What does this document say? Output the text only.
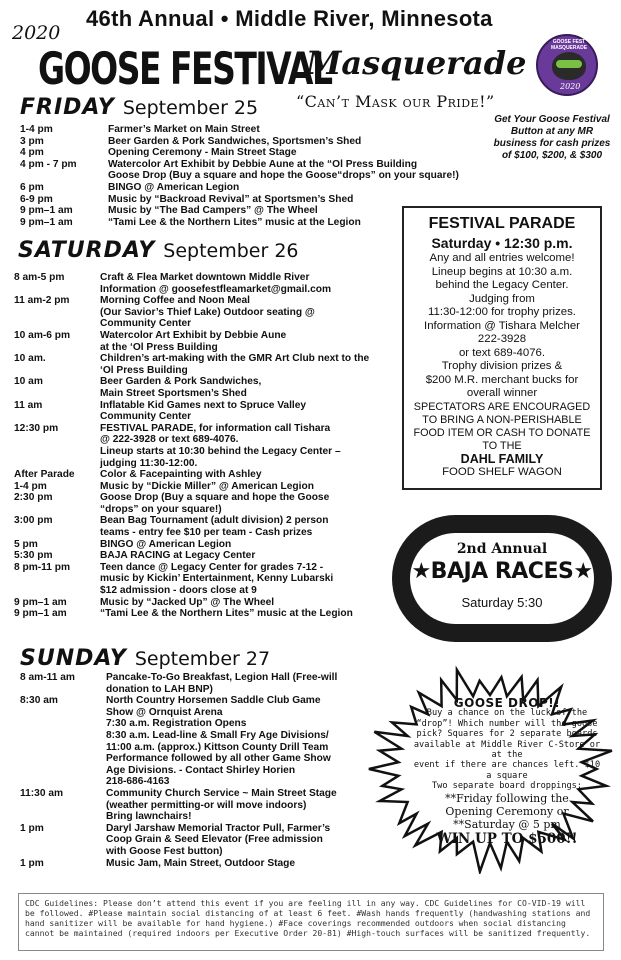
2020
46th Annual • Middle River, Minnesota
GOOSE FESTIVAL
Masquerade
GOOSE FEST MASQUERADE
2020
“Can’t Mask our Pride!”
Get Your Goose Festival Button at any MR business for cash prizes of $100, $200, & $300
FRIDAY September 25
1-4 pm	Farmer’s Market on Main Street
3 pm	Beer Garden & Pork Sandwiches, Sportsmen’s Shed
4 pm	Opening Ceremony - Main Street Stage
4 pm - 7 pm	Watercolor Art Exhibit by Debbie Aune at the “Ol Press Building
Goose Drop (Buy a square and hope the Goose“drops” on your square!)
6 pm	BINGO @ American Legion
6-9 pm	Music by “Backroad Revival” at Sportsmen’s Shed
9 pm–1 am	Music by “The Bad Campers” @ The Wheel
9 pm–1 am	“Tami Lee & the Northern Lites” music at the Legion
SATURDAY September 26
8 am-5 pm	Craft & Flea Market downtown Middle River
Information @ goosefestfleamarket@gmail.com
11 am-2 pm	Morning Coffee and Noon Meal
(Our Savior’s Thief Lake) Outdoor seating @
Community Center
10 am-6 pm	Watercolor Art Exhibit by Debbie Aune
at the ‘Ol Press Building
10 am.	Children’s art-making with the GMR Art Club next to the
‘Ol Press Building
10 am	Beer Garden & Pork Sandwiches,
Main Street Sportsmen’s Shed
11 am	Inflatable Kid Games next to Spruce Valley
Community Center
12:30 pm	FESTIVAL PARADE, for information call Tishara
@ 222-3928 or text 689-4076.
Lineup starts at 10:30 behind the Legacy Center –
judging 11:30-12:00.
After Parade	Color & Facepainting with Ashley
1-4 pm	Music by “Dickie Miller” @ American Legion
2:30 pm	Goose Drop (Buy a square and hope the Goose
“drops” on your square!)
3:00 pm	Bean Bag Tournament (adult division) 2 person
teams - entry fee $10 per team - Cash prizes
5 pm	BINGO @ American Legion
5:30 pm	BAJA RACING at Legacy Center
8 pm-11 pm	Teen dance @ Legacy Center for grades 7-12 -
music by Kickin’ Entertainment, Kenny Lubarski
$12 admission - doors close at 9
9 pm–1 am	Music by “Jacked Up” @ The Wheel
9 pm–1 am	“Tami Lee & the Northern Lites” music at the Legion
FESTIVAL PARADE
Saturday • 12:30 p.m.
Any and all entries welcome!
Lineup begins at 10:30 a.m.
behind the Legacy Center.
Judging from
11:30-12:00 for trophy prizes.
Information @ Tishara Melcher
222-3928
or text 689-4076.
Trophy division prizes &
$200 M.R. merchant bucks for
overall winner
SPECTATORS ARE ENCOURAGED
TO BRING A NON-PERISHABLE
FOOD ITEM OR CASH TO DONATE
TO THE
DAHL FAMILY
FOOD SHELF WAGON
2nd Annual
★BAJA RACES★
Saturday 5:30
SUNDAY September 27
8 am-11 am	Pancake-To-Go Breakfast, Legion Hall (Free-will
donation to LAH BNP)
8:30 am	North Country Horsemen Saddle Club Game
Show @ Ornquist Arena
7:30 a.m. Registration Opens
8:30 a.m. Lead-line & Small Fry Age Divisions/
11:00 a.m. (approx.) Kittson County Drill Team
Performance followed by all other Game Show
Age Divisions. - Contact Shirley Horien
218-686-4163
11:30 am	Community Church Service ~ Main Street Stage
(weather permitting-or will move indoors)
Bring lawnchairs!
1 pm	Daryl Jarshaw Memorial Tractor Pull, Farmer’s
Coop Grain & Seed Elevator (Free admission
with Goose Fest button)
1 pm	Music Jam, Main Street, Outdoor Stage
GOOSE DROP!!
Buy a chance on the luck of the
“drop”! Which number will the goose
pick? Squares for 2 separate boards
available at Middle River C-Store or at the
event if there are chances left. $10 a square
Two separate board droppings:
**Friday following the
Opening Ceremony or
**Saturday @ 5 pm
WIN UP TO $500!!
CDC Guidelines: Please don’t attend this event if you are feeling ill in any way. CDC Guidelines for CO-VID-19 will be followed. #Please maintain social distancing of at least 6 feet. #Wash hands frequently (handwashing stations and hand sanitizer will be available for hand hygiene.) #Face coverings recommended outdoors when social distancing cannot be maintained (required indoors per Executive Order 20-81) #High-touch surfaces will be sanitized frequently.
